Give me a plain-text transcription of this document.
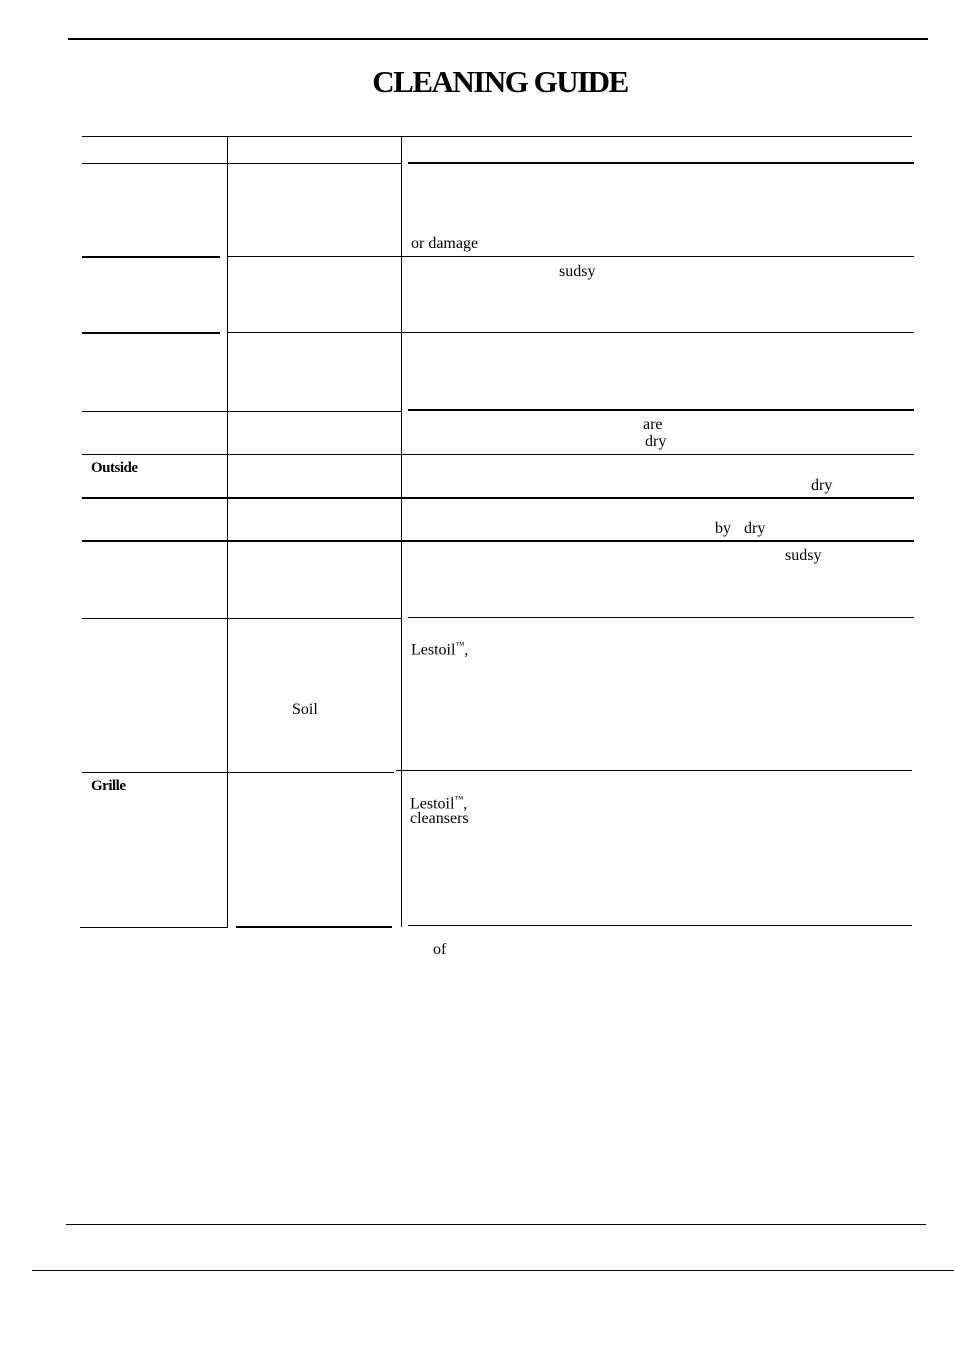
CLEANING GUIDE
or damage
sudsy
are
dry
Outside
dry
by dry
sudsy
Lestoil™,
Soil
Grille
Lestoil™,
cleansers
of
